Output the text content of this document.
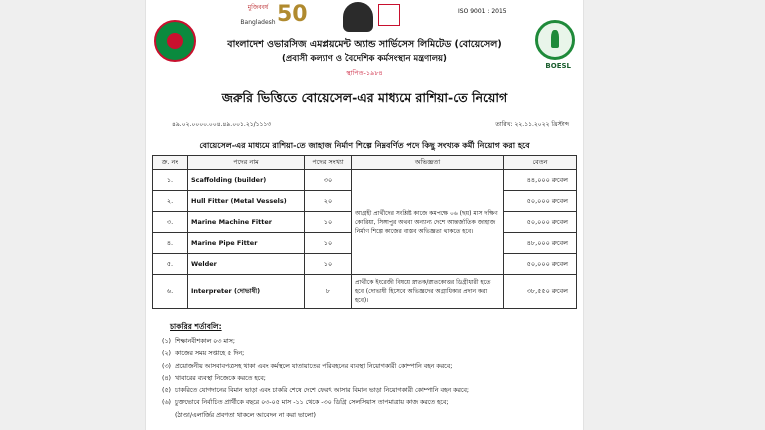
মুজিববর্ষ
Bangladesh 50	ISO 9001 : 2015
BOESL
বাংলাদেশ ওভারসিজ এমপ্লয়মেন্ট অ্যান্ড সার্ভিসেস লিমিটেড (বোয়েসেল)
(প্রবাসী কল্যাণ ও বৈদেশিক কর্মসংস্থান মন্ত্রণালয়)
স্থাপিত-১৯৮৪
জরুরি ভিত্তিতে বোয়েসেল-এর মাধ্যমে রাশিয়া-তে নিয়োগ
৪৯.০২.০০০০.০০৪.৪৯.০০১.২১/১১১৩	তারিখ: ২২.১১.২০২২ খ্রিস্টাব্দ
বোয়েসেল-এর মাধ্যমে রাশিয়া-তে জাহাজ নির্মাণ শিল্পে নিম্নবর্ণিত পদে কিছু সংখ্যক কর্মী নিয়োগ করা হবে
ক্র. নং	পদের নাম	পদের সংখ্যা	অভিজ্ঞতা	বেতন
১.	Scaffolding (builder)	৩০	আগ্রহী প্রার্থীদের সংশ্লিষ্ট কাজে কমপক্ষে ০৬ (ছয়) মাস দক্ষিণ কোরিয়া, সিঙ্গাপুর অথবা অন্যান্য দেশে আন্তর্জাতিক জাহাজ নির্মাণ শিল্পে কাজের বাস্তব অভিজ্ঞতা থাকতে হবে।	৪৪,০০০ রুবেল
২.	Hull Fitter (Metal Vessels)	২০		৫০,০০০ রুবেল
৩.	Marine Machine Fitter	১০		৫০,০০০ রুবেল
৪.	Marine Pipe Fitter	১০		৪৮,০০০ রুবেল
৫.	Welder	১০		৫০,০০০ রুবেল
৬.	Interpreter (দোভাষী)	৮	প্রার্থীকে ইংরেজী বিষয়ে স্নাতক/স্নাতকোত্তর ডিগ্রীধারী হতে হবে (দোভাষী হিসেবে অভিজ্ঞদের অগ্রাধিকার প্রদান করা হবে)।	৩৮,৫৫০ রুবেল
চাকরির শর্তাবলি:
(১) শিক্ষানবীশকাল ০৩ মাস;
(২) কাজের সময় সপ্তাহে ৫ দিন;
(৩) প্রয়োজনীয় আসবাবপত্রসহ থাকা এবং কর্মস্থলে যাতায়াতের পরিবহনের ব্যবস্থা নিয়োগকারী কোম্পানি বহন করবে;
(৪) খাবারের ব্যবস্থা নিজেকে করতে হবে;
(৫) চাকরিতে যোগদানের বিমান ভাড়া এবং চাকরি শেষে দেশে ফেরৎ আসার বিমান ভাড়া নিয়োগকারী কোম্পানি বহন করবে;
(৬) চুক্তভোবে নির্বাচিত প্রার্থীকে বছরে ০৩-০৫ মাস -১১ থেকে -৩০ ডিগ্রি সেলসিয়াস তাপমাত্রায় কাজ করতে হবে;
(ঠাণ্ডা/এলার্জির প্রবণতা থাকলে আবেদন না করা ভালো)
